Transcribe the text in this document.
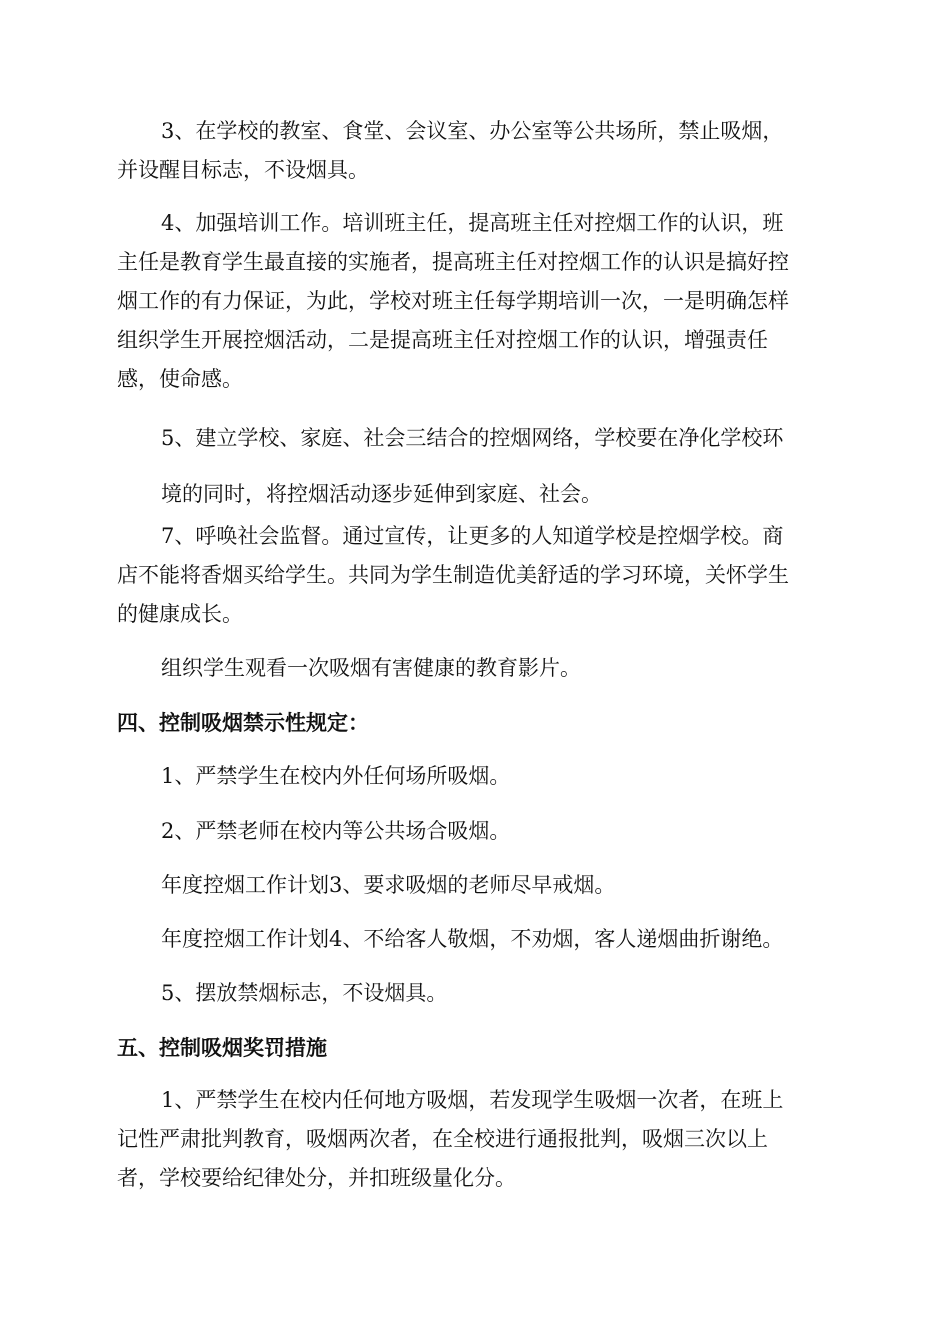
3、在学校的教室、食堂、会议室、办公室等公共场所，禁止吸烟，
并设醒目标志，不设烟具。

4、加强培训工作。培训班主任，提高班主任对控烟工作的认识，班
主任是教育学生最直接的实施者，提高班主任对控烟工作的认识是搞好控
烟工作的有力保证，为此，学校对班主任每学期培训一次，一是明确怎样
组织学生开展控烟活动，二是提高班主任对控烟工作的认识，增强责任
感，使命感。

5、建立学校、家庭、社会三结合的控烟网络，学校要在净化学校环
境的同时，将控烟活动逐步延伸到家庭、社会。

7、呼唤社会监督。通过宣传，让更多的人知道学校是控烟学校。商
店不能将香烟买给学生。共同为学生制造优美舒适的学习环境，关怀学生
的健康成长。

组织学生观看一次吸烟有害健康的教育影片。

四、控制吸烟禁示性规定：

1、严禁学生在校内外任何场所吸烟。

2、严禁老师在校内等公共场合吸烟。

年度控烟工作计划3、要求吸烟的老师尽早戒烟。

年度控烟工作计划4、不给客人敬烟，不劝烟，客人递烟曲折谢绝。

5、摆放禁烟标志，不设烟具。

五、控制吸烟奖罚措施

1、严禁学生在校内任何地方吸烟，若发现学生吸烟一次者，在班上
记性严肃批判教育，吸烟两次者，在全校进行通报批判，吸烟三次以上
者，学校要给纪律处分，并扣班级量化分。
